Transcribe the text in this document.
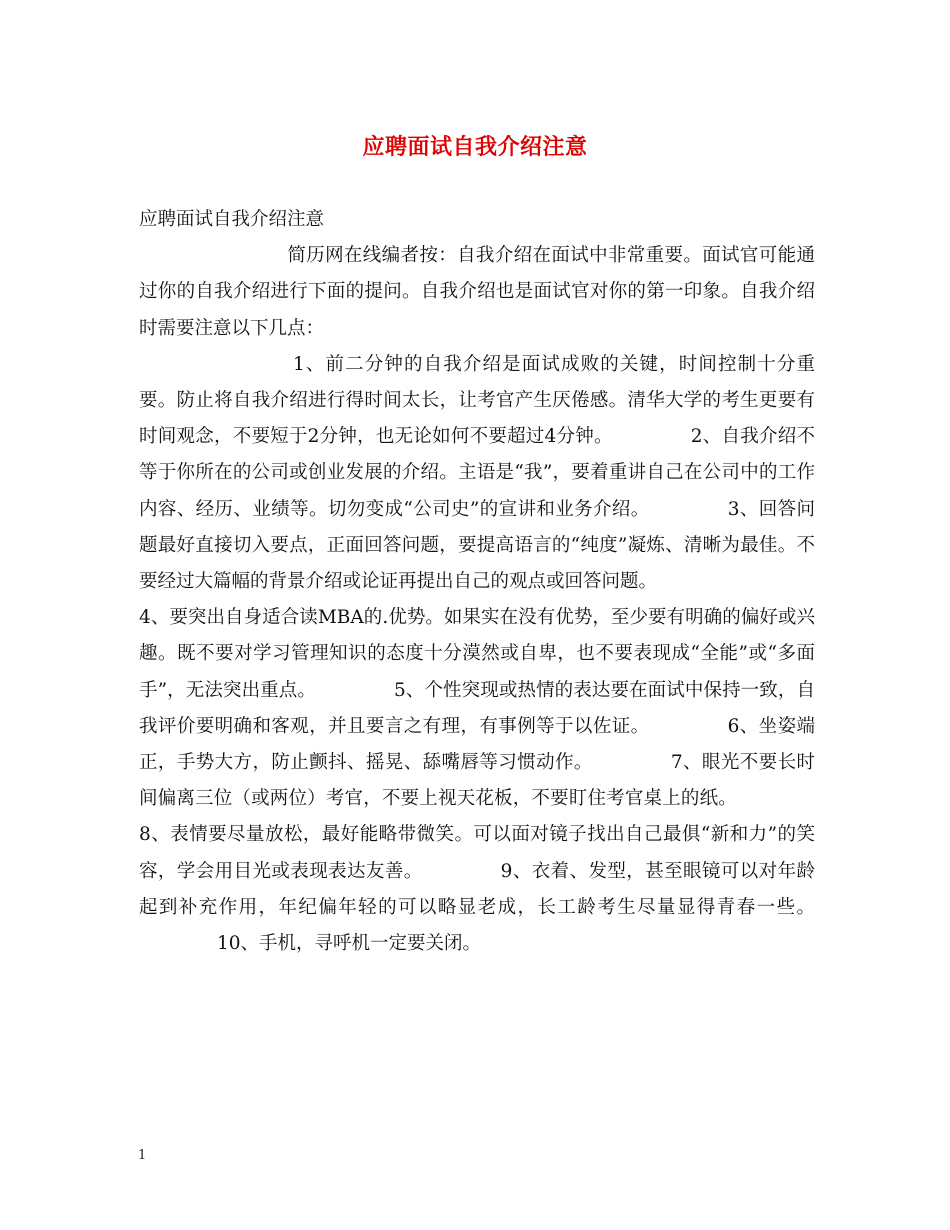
应聘面试自我介绍注意

应聘面试自我介绍注意

简历网在线编者按：自我介绍在面试中非常重要。面试官可能通过你的自我介绍进行下面的提问。自我介绍也是面试官对你的第一印象。自我介绍时需要注意以下几点：
1、前二分钟的自我介绍是面试成败的关键，时间控制十分重要。防止将自我介绍进行得时间太长，让考官产生厌倦感。清华大学的考生更要有时间观念，不要短于2分钟，也无论如何不要超过4分钟。	2、自我介绍不等于你所在的公司或创业发展的介绍。主语是“我”，要着重讲自己在公司中的工作内容、经历、业绩等。切勿变成“公司史”的宣讲和业务介绍。	3、回答问题最好直接切入要点，正面回答问题，要提高语言的“纯度”凝炼、清晰为最佳。不要经过大篇幅的背景介绍或论证再提出自己的观点或回答问题。
4、要突出自身适合读MBA的.优势。如果实在没有优势，至少要有明确的偏好或兴趣。既不要对学习管理知识的态度十分漠然或自卑，也不要表现成“全能”或“多面手”，无法突出重点。	5、个性突现或热情的表达要在面试中保持一致，自我评价要明确和客观，并且要言之有理，有事例等于以佐证。	6、坐姿端正，手势大方，防止颤抖、摇晃、舔嘴唇等习惯动作。	7、眼光不要长时间偏离三位（或两位）考官，不要上视天花板，不要盯住考官桌上的纸。8、表情要尽量放松，最好能略带微笑。可以面对镜子找出自己最俱“新和力”的笑容，学会用目光或表现表达友善。	9、衣着、发型，甚至眼镜可以对年龄起到补充作用，年纪偏年轻的可以略显老成，长工龄考生尽量显得青春一些。10、手机，寻呼机一定要关闭。

1
